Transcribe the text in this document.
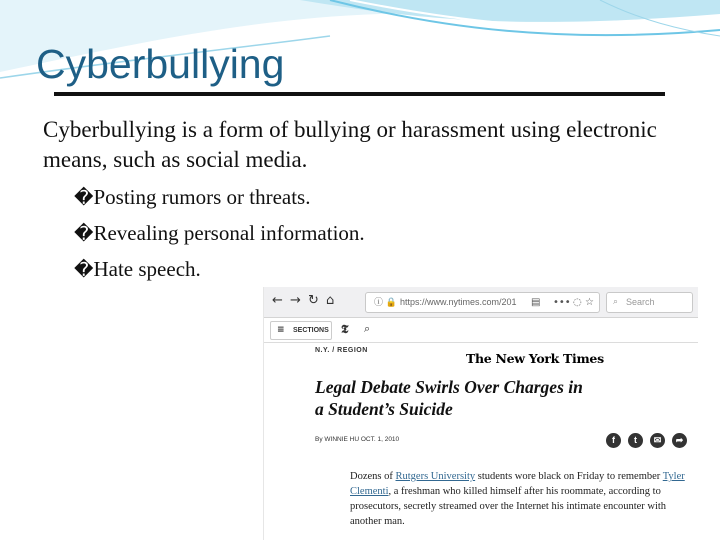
Cyberbullying
Cyberbullying is a form of bullying or harassment using electronic means, such as social media.
�Posting rumors or threats.
�Revealing personal information.
�Hate speech.
← → ↻ ⌂	ⓘ 🔒 https://www.nytimes.com/201 ▤ ••• ◌ ☆ ⌕ Search
≡ SECTIONS 𝕿 ⌕
The New York Times
N.Y. / REGION
Legal Debate Swirls Over Charges in a Student’s Suicide
By WINNIE HU OCT. 1, 2010	f	t	✉	➦
Dozens of Rutgers University students wore black on Friday to remember Tyler Clementi, a freshman who killed himself after his roommate, according to prosecutors, secretly streamed over the Internet his intimate encounter with another man.
